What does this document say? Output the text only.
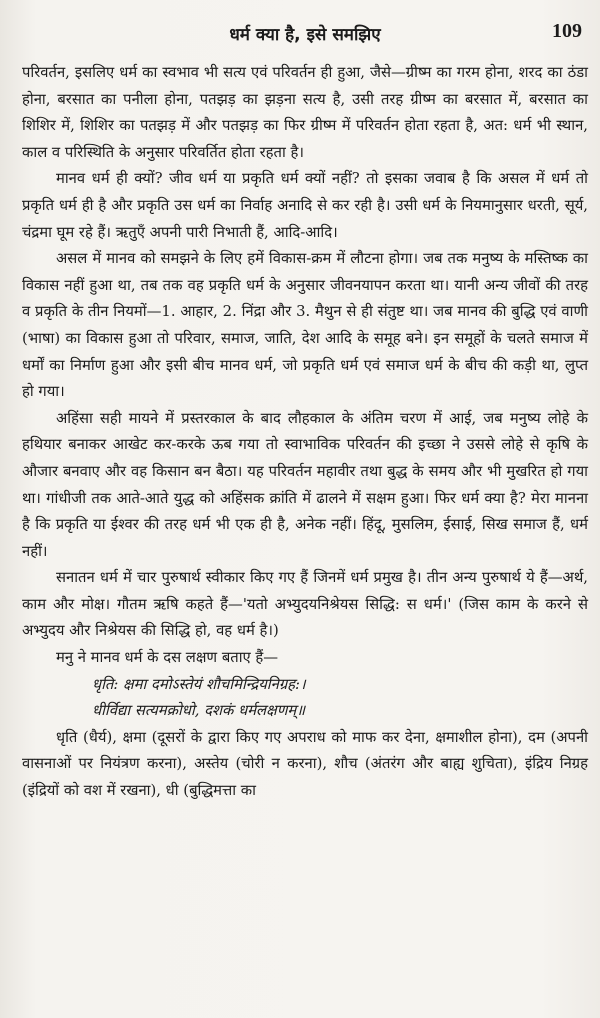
धर्म क्या है, इसे समझिए	109

परिवर्तन, इसलिए धर्म का स्वभाव भी सत्य एवं परिवर्तन ही हुआ, जैसे—ग्रीष्म का गरम होना, शरद का ठंडा होना, बरसात का पनीला होना, पतझड़ का झड़ना सत्य है, उसी तरह ग्रीष्म का बरसात में, बरसात का शिशिर में, शिशिर का पतझड़ में और पतझड़ का फिर ग्रीष्म में परिवर्तन होता रहता है, अत: धर्म भी स्थान, काल व परिस्थिति के अनुसार परिवर्तित होता रहता है।

मानव धर्म ही क्यों? जीव धर्म या प्रकृति धर्म क्यों नहीं? तो इसका जवाब है कि असल में धर्म तो प्रकृति धर्म ही है और प्रकृति उस धर्म का निर्वाह अनादि से कर रही है। उसी धर्म के नियमानुसार धरती, सूर्य, चंद्रमा घूम रहे हैं। ऋतुएँ अपनी पारी निभाती हैं, आदि-आदि।

असल में मानव को समझने के लिए हमें विकास-क्रम में लौटना होगा। जब तक मनुष्य के मस्तिष्क का विकास नहीं हुआ था, तब तक वह प्रकृति धर्म के अनुसार जीवनयापन करता था। यानी अन्य जीवों की तरह व प्रकृति के तीन नियमों—1. आहार, 2. निंद्रा और 3. मैथुन से ही संतुष्ट था। जब मानव की बुद्धि एवं वाणी (भाषा) का विकास हुआ तो परिवार, समाज, जाति, देश आदि के समूह बने। इन समूहों के चलते समाज में धर्मों का निर्माण हुआ और इसी बीच मानव धर्म, जो प्रकृति धर्म एवं समाज धर्म के बीच की कड़ी था, लुप्त हो गया।

अहिंसा सही मायने में प्रस्तरकाल के बाद लौहकाल के अंतिम चरण में आई, जब मनुष्य लोहे के हथियार बनाकर आखेट कर-करके ऊब गया तो स्वाभाविक परिवर्तन की इच्छा ने उससे लोहे से कृषि के औजार बनवाए और वह किसान बन बैठा। यह परिवर्तन महावीर तथा बुद्ध के समय और भी मुखरित हो गया था। गांधीजी तक आते-आते युद्ध को अहिंसक क्रांति में ढालने में सक्षम हुआ। फिर धर्म क्या है? मेरा मानना है कि प्रकृति या ईश्वर की तरह धर्म भी एक ही है, अनेक नहीं। हिंदू, मुसलिम, ईसाई, सिख समाज हैं, धर्म नहीं।

सनातन धर्म में चार पुरुषार्थ स्वीकार किए गए हैं जिनमें धर्म प्रमुख है। तीन अन्य पुरुषार्थ ये हैं—अर्थ, काम और मोक्ष। गौतम ऋषि कहते हैं—'यतो अभ्युदयनिश्रेयस सिद्धि: स धर्म।' (जिस काम के करने से अभ्युदय और निश्रेयस की सिद्धि हो, वह धर्म है।)

मनु ने मानव धर्म के दस लक्षण बताए हैं—

धृति: क्षमा दमोऽस्तेयं शौचमिन्द्रियनिग्रह:।
धीर्विद्या सत्यमक्रोधो, दशकं धर्मलक्षणम्॥

धृति (धैर्य), क्षमा (दूसरों के द्वारा किए गए अपराध को माफ कर देना, क्षमाशील होना), दम (अपनी वासनाओं पर नियंत्रण करना), अस्तेय (चोरी न करना), शौच (अंतरंग और बाह्य शुचिता), इंद्रिय निग्रह (इंद्रियों को वश में रखना), धी (बुद्धिमत्ता का
